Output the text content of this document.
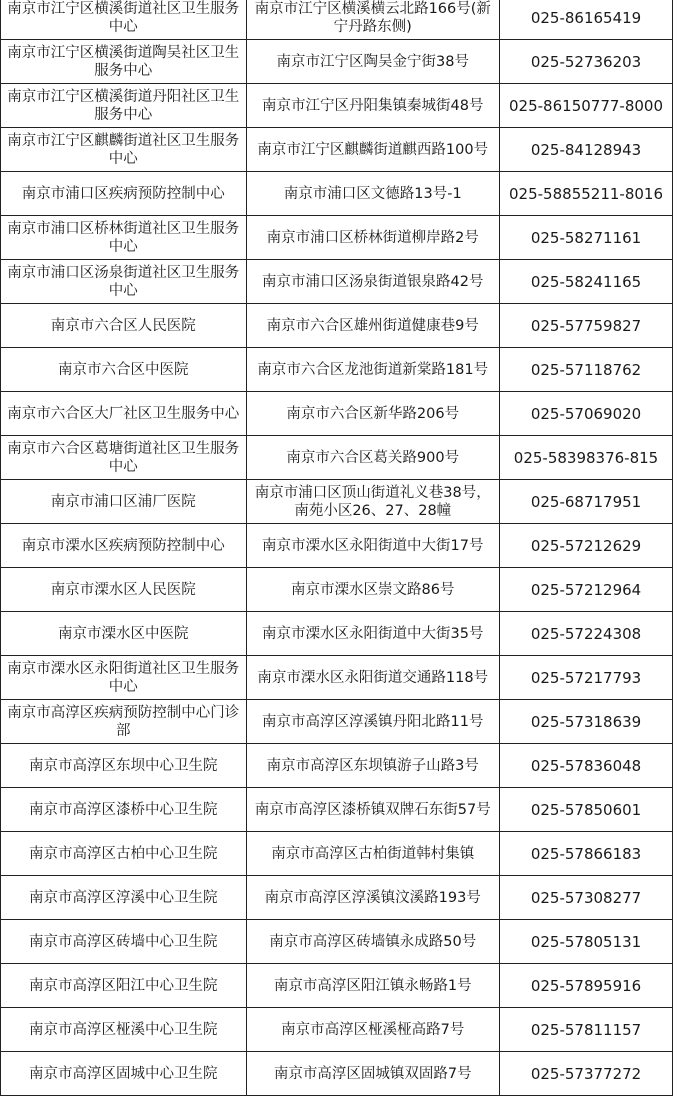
南京市江宁区横溪街道社区卫生服务中心	南京市江宁区横溪横云北路166号(新宁丹路东侧)	025-86165419
南京市江宁区横溪街道陶吴社区卫生服务中心	南京市江宁区陶吴金宁街38号	025-52736203
南京市江宁区横溪街道丹阳社区卫生服务中心	南京市江宁区丹阳集镇秦城街48号	025-86150777-8000
南京市江宁区麒麟街道社区卫生服务中心	南京市江宁区麒麟街道麒西路100号	025-84128943
南京市浦口区疾病预防控制中心	南京市浦口区文德路13号-1	025-58855211-8016
南京市浦口区桥林街道社区卫生服务中心	南京市浦口区桥林街道柳岸路2号	025-58271161
南京市浦口区汤泉街道社区卫生服务中心	南京市浦口区汤泉街道银泉路42号	025-58241165
南京市六合区人民医院	南京市六合区雄州街道健康巷9号	025-57759827
南京市六合区中医院	南京市六合区龙池街道新棠路181号	025-57118762
南京市六合区大厂社区卫生服务中心	南京市六合区新华路206号	025-57069020
南京市六合区葛塘街道社区卫生服务中心	南京市六合区葛关路900号	025-58398376-815
南京市浦口区浦厂医院	南京市浦口区顶山街道礼义巷38号，南苑小区26、27、28幢	025-68717951
南京市溧水区疾病预防控制中心	南京市溧水区永阳街道中大街17号	025-57212629
南京市溧水区人民医院	南京市溧水区崇文路86号	025-57212964
南京市溧水区中医院	南京市溧水区永阳街道中大街35号	025-57224308
南京市溧水区永阳街道社区卫生服务中心	南京市溧水区永阳街道交通路118号	025-57217793
南京市高淳区疾病预防控制中心门诊部	南京市高淳区淳溪镇丹阳北路11号	025-57318639
南京市高淳区东坝中心卫生院	南京市高淳区东坝镇游子山路3号	025-57836048
南京市高淳区漆桥中心卫生院	南京市高淳区漆桥镇双牌石东街57号	025-57850601
南京市高淳区古柏中心卫生院	南京市高淳区古柏街道韩村集镇	025-57866183
南京市高淳区淳溪中心卫生院	南京市高淳区淳溪镇汶溪路193号	025-57308277
南京市高淳区砖墙中心卫生院	南京市高淳区砖墙镇永成路50号	025-57805131
南京市高淳区阳江中心卫生院	南京市高淳区阳江镇永畅路1号	025-57895916
南京市高淳区桠溪中心卫生院	南京市高淳区桠溪桠高路7号	025-57811157
南京市高淳区固城中心卫生院	南京市高淳区固城镇双固路7号	025-57377272
